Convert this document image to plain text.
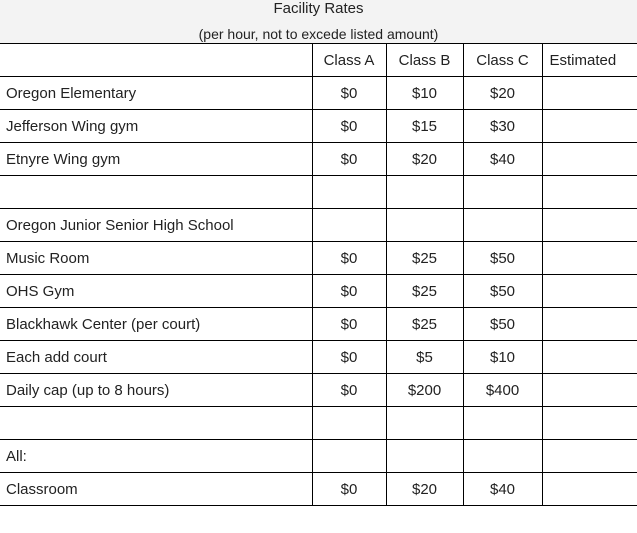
Facility Rates
(per hour, not to excede listed amount)
	Class A	Class B	Class C	Estimated
Oregon Elementary	$0	$10	$20	
Jefferson Wing gym	$0	$15	$30	
Etnyre Wing gym	$0	$20	$40	

Oregon Junior Senior High School				
Music Room	$0	$25	$50	
OHS Gym	$0	$25	$50	
Blackhawk Center (per court)	$0	$25	$50	
Each add court	$0	$5	$10	
Daily cap (up to 8 hours)	$0	$200	$400	

All:				
Classroom	$0	$20	$40	
